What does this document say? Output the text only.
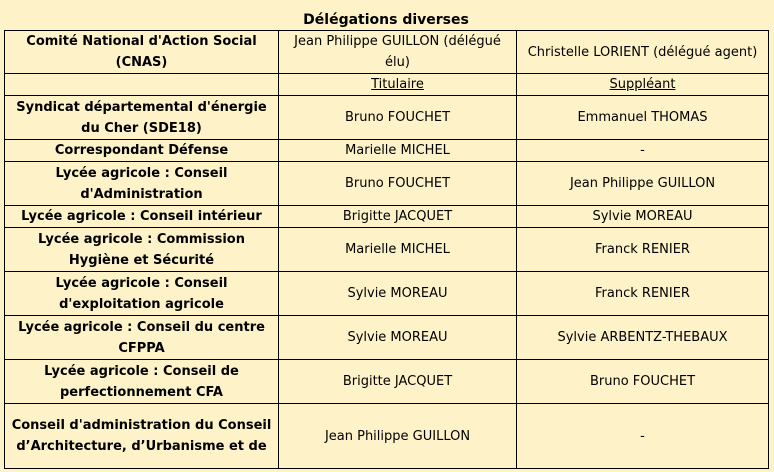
Délégations diverses
Comité National d'Action Social (CNAS)	Jean Philippe GUILLON (délégué élu)	Christelle LORIENT (délégué agent)
	Titulaire	Suppléant
Syndicat départemental d'énergie du Cher (SDE18)	Bruno FOUCHET	Emmanuel THOMAS
Correspondant Défense	Marielle MICHEL	-
Lycée agricole : Conseil d'Administration	Bruno FOUCHET	Jean Philippe GUILLON
Lycée agricole : Conseil intérieur	Brigitte JACQUET	Sylvie MOREAU
Lycée agricole : Commission Hygiène et Sécurité	Marielle MICHEL	Franck RENIER
Lycée agricole : Conseil d'exploitation agricole	Sylvie MOREAU	Franck RENIER
Lycée agricole : Conseil du centre CFPPA	Sylvie MOREAU	Sylvie ARBENTZ-THEBAUX
Lycée agricole : Conseil de perfectionnement CFA	Brigitte JACQUET	Bruno FOUCHET
Conseil d'administration du Conseil d’Architecture, d’Urbanisme et de	Jean Philippe GUILLON	-
